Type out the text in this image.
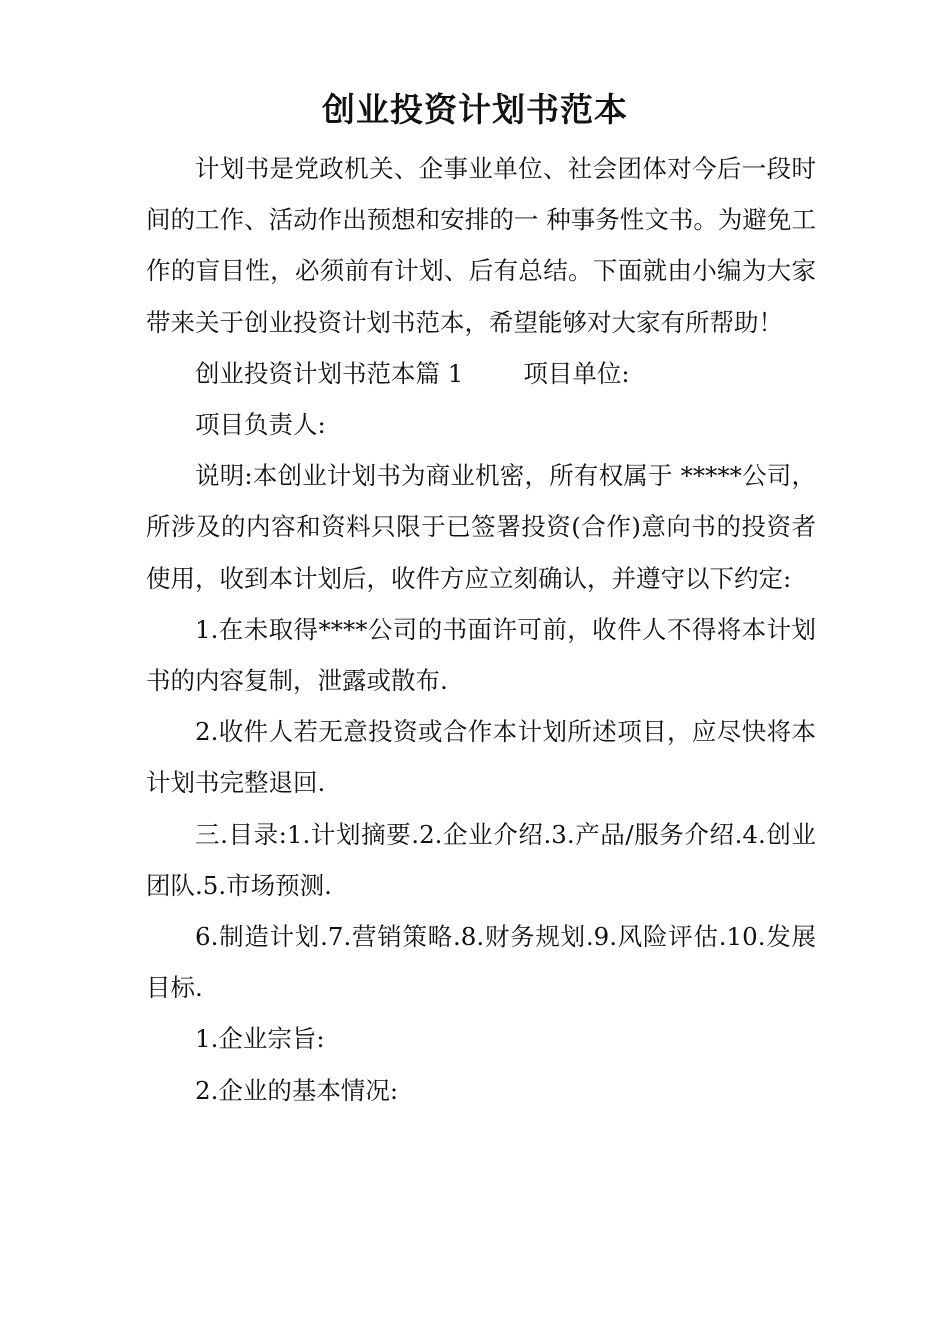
创业投资计划书范本

计划书是党政机关、企事业单位、社会团体对今后一段时间的工作、活动作出预想和安排的一 种事务性文书。为避免工作的盲目性，必须前有计划、后有总结。下面就由小编为大家带来关于创业投资计划书范本，希望能够对大家有所帮助！

创业投资计划书范本篇 1 项目单位:

项目负责人:

说明:本创业计划书为商业机密，所有权属于 *****公司，所涉及的内容和资料只限于已签署投资(合作)意向书的投资者使用，收到本计划后，收件方应立刻确认，并遵守以下约定:

1.在未取得****公司的书面许可前，收件人不得将本计划书的内容复制，泄露或散布.

2.收件人若无意投资或合作本计划所述项目，应尽快将本计划书完整退回.

三.目录:1.计划摘要.2.企业介绍.3.产品/服务介绍.4.创业团队.5.市场预测.

6.制造计划.7.营销策略.8.财务规划.9.风险评估.10.发展目标.

1.企业宗旨:

2.企业的基本情况:
